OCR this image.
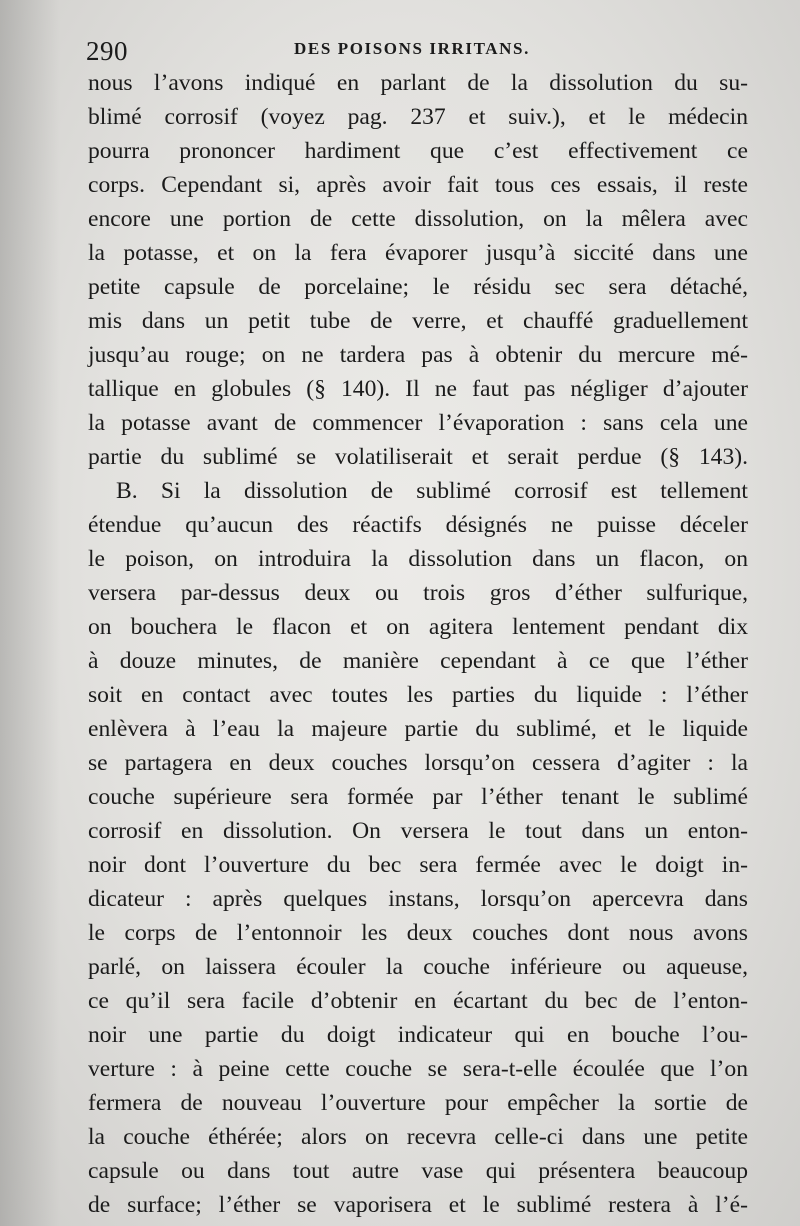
290	DES POISONS IRRITANS.
nous l’avons indiqué en parlant de la dissolution du su-
blimé corrosif (voyez pag. 237 et suiv.), et le médecin
pourra prononcer hardiment que c’est effectivement ce
corps. Cependant si, après avoir fait tous ces essais, il reste
encore une portion de cette dissolution, on la mêlera avec
la potasse, et on la fera évaporer jusqu’à siccité dans une
petite capsule de porcelaine; le résidu sec sera détaché,
mis dans un petit tube de verre, et chauffé graduellement
jusqu’au rouge; on ne tardera pas à obtenir du mercure mé-
tallique en globules (§ 140). Il ne faut pas négliger d’ajouter
la potasse avant de commencer l’évaporation : sans cela une
partie du sublimé se volatiliserait et serait perdue (§ 143).
B. Si la dissolution de sublimé corrosif est tellement
étendue qu’aucun des réactifs désignés ne puisse déceler
le poison, on introduira la dissolution dans un flacon, on
versera par-dessus deux ou trois gros d’éther sulfurique,
on bouchera le flacon et on agitera lentement pendant dix
à douze minutes, de manière cependant à ce que l’éther
soit en contact avec toutes les parties du liquide : l’éther
enlèvera à l’eau la majeure partie du sublimé, et le liquide
se partagera en deux couches lorsqu’on cessera d’agiter : la
couche supérieure sera formée par l’éther tenant le sublimé
corrosif en dissolution. On versera le tout dans un enton-
noir dont l’ouverture du bec sera fermée avec le doigt in-
dicateur : après quelques instans, lorsqu’on apercevra dans
le corps de l’entonnoir les deux couches dont nous avons
parlé, on laissera écouler la couche inférieure ou aqueuse,
ce qu’il sera facile d’obtenir en écartant du bec de l’enton-
noir une partie du doigt indicateur qui en bouche l’ou-
verture : à peine cette couche se sera-t-elle écoulée que l’on
fermera de nouveau l’ouverture pour empêcher la sortie de
la couche éthérée; alors on recevra celle-ci dans une petite
capsule ou dans tout autre vase qui présentera beaucoup
de surface; l’éther se vaporisera et le sublimé restera à l’é-
